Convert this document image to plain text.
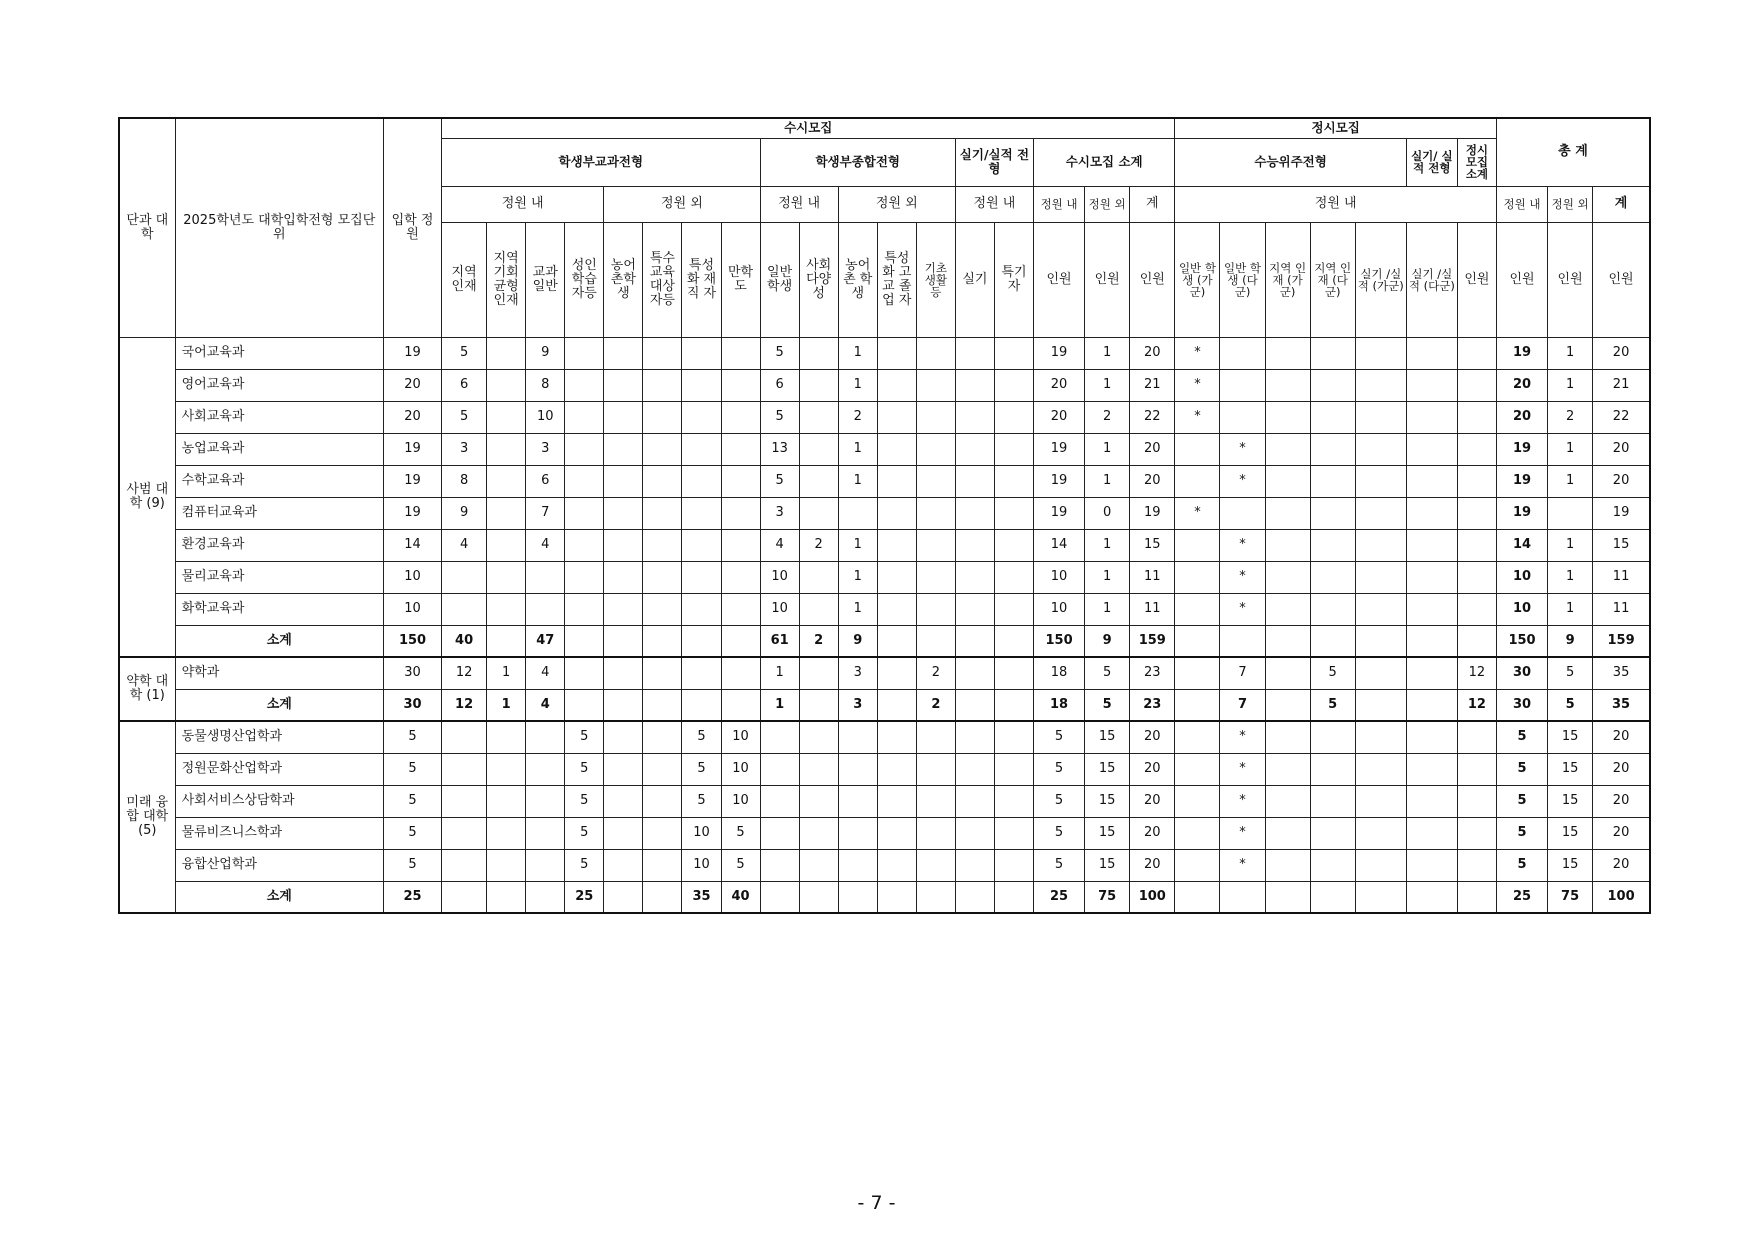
단과 대학	2025학년도 대학입학전형 모집단위	입학 정원	수시모집																		정시모집							총 계		
			학생부교과전형								학생부종합전형					실기/실적 전형		수시모집 소계			수능위주전형					실기/ 실적 전형	정시 모집 소계			
			정원 내				정원 외				정원 내		정원 외			정원 내		정원 내	정원 외	계	정원 내							정원 내	정원 외	계
			지역 인재	지역 기회 균형 인재	교과 일반	성인 학습 자등	농어 촌학 생	특수 교육 대상 자등	특성 화 재직 자	만학 도	일반 학생	사회 다양 성	농어 촌 학생	특성 화 고교 졸업 자	기초 생활 등	실기	특기 자	인원	인원	인원	일반 학생 (가 군)	일반 학생 (다 군)	지역 인재 (가 군)	지역 인재 (다 군)	실기 /실적 (가군)	실기 /실적 (다군)	인원	인원	인원	인원
사범 대학 (9)	국어교육과	19	5		9						5		1					19	1	20	*							19	1	20
	영어교육과	20	6		8						6		1					20	1	21	*							20	1	21
	사회교육과	20	5		10						5		2					20	2	22	*							20	2	22
	농업교육과	19	3		3						13		1					19	1	20		*						19	1	20
	수학교육과	19	8		6						5		1					19	1	20		*						19	1	20
	컴퓨터교육과	19	9		7						3							19	0	19	*							19		19
	환경교육과	14	4		4						4	2	1					14	1	15		*						14	1	15
	물리교육과	10									10		1					10	1	11		*						10	1	11
	화학교육과	10									10		1					10	1	11		*						10	1	11
	소계	150	40		47						61	2	9					150	9	159								150	9	159
약학 대학 (1)	약학과	30	12	1	4						1		3		2			18	5	23		7		5			12	30	5	35
	소계	30	12	1	4						1		3		2			18	5	23		7		5			12	30	5	35
미래 융합 대학 (5)	동물생명산업학과	5				5			5	10								5	15	20		*						5	15	20
	정원문화산업학과	5				5			5	10								5	15	20		*						5	15	20
	사회서비스상담학과	5				5			5	10								5	15	20		*						5	15	20
	물류비즈니스학과	5				5			10	5								5	15	20		*						5	15	20
	융합산업학과	5				5			10	5								5	15	20		*						5	15	20
	소계	25				25			35	40								25	75	100								25	75	100
- 7 -
